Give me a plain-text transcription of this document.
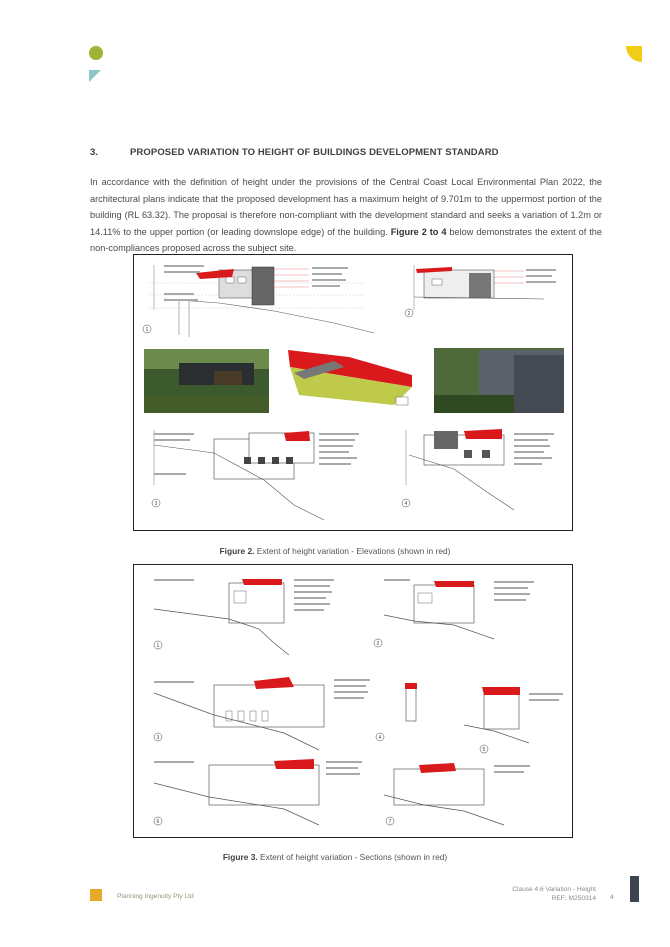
3.	PROPOSED VARIATION TO HEIGHT OF BUILDINGS DEVELOPMENT STANDARD
In accordance with the definition of height under the provisions of the Central Coast Local Environmental Plan 2022, the architectural plans indicate that the proposed development has a maximum height of 9.701m to the uppermost portion of the building (RL 63.32). The proposal is therefore non-compliant with the development standard and seeks a variation of 1.2m or 14.11% to the upper portion (or leading downslope edge) of the building. Figure 2 to 4 below demonstrates the extent of the non-compliances proposed across the subject site.
1
2
3	4
Figure 2. Extent of height variation - Elevations (shown in red)
1	2
3	4
5
6	7
Figure 3. Extent of height variation - Sections (shown in red)
Planning Ingenuity Pty Ltd
Clause 4.6 Variation - Height
REF: M250314 4
